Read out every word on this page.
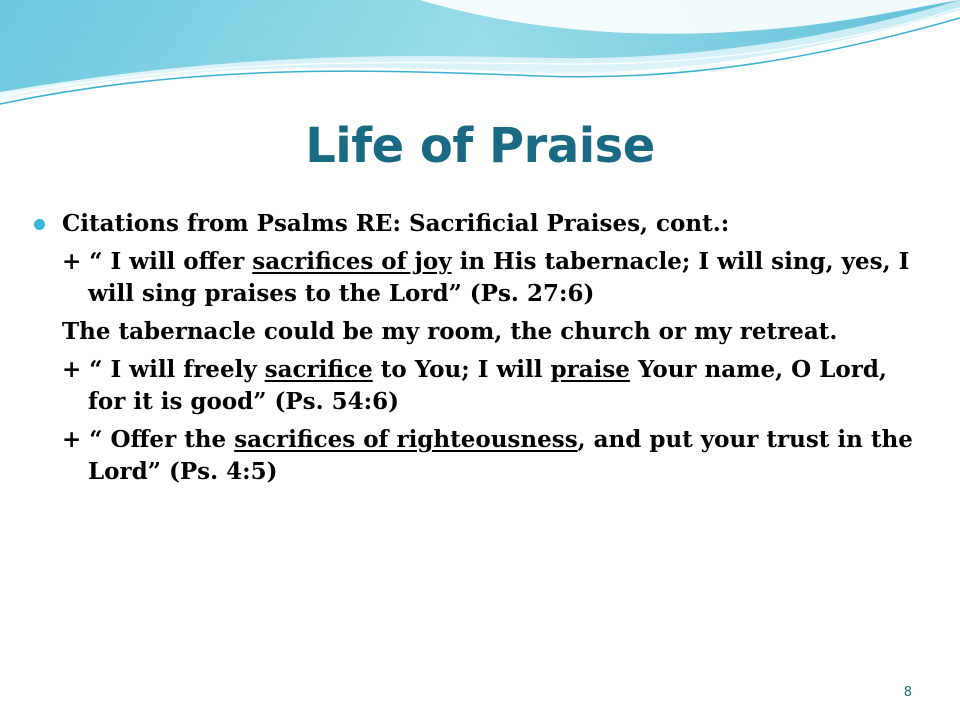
Life of Praise

Citations from Psalms RE: Sacrificial Praises, cont.:

+ “ I will offer sacrifices of joy in His tabernacle; I will sing, yes, I will sing praises to the Lord” (Ps. 27:6)

The tabernacle could be my room, the church or my retreat.

+ “ I will freely sacrifice to You; I will praise Your name, O Lord, for it is good” (Ps. 54:6)

+ “ Offer the sacrifices of righteousness, and put your trust in the Lord” (Ps. 4:5)

8
